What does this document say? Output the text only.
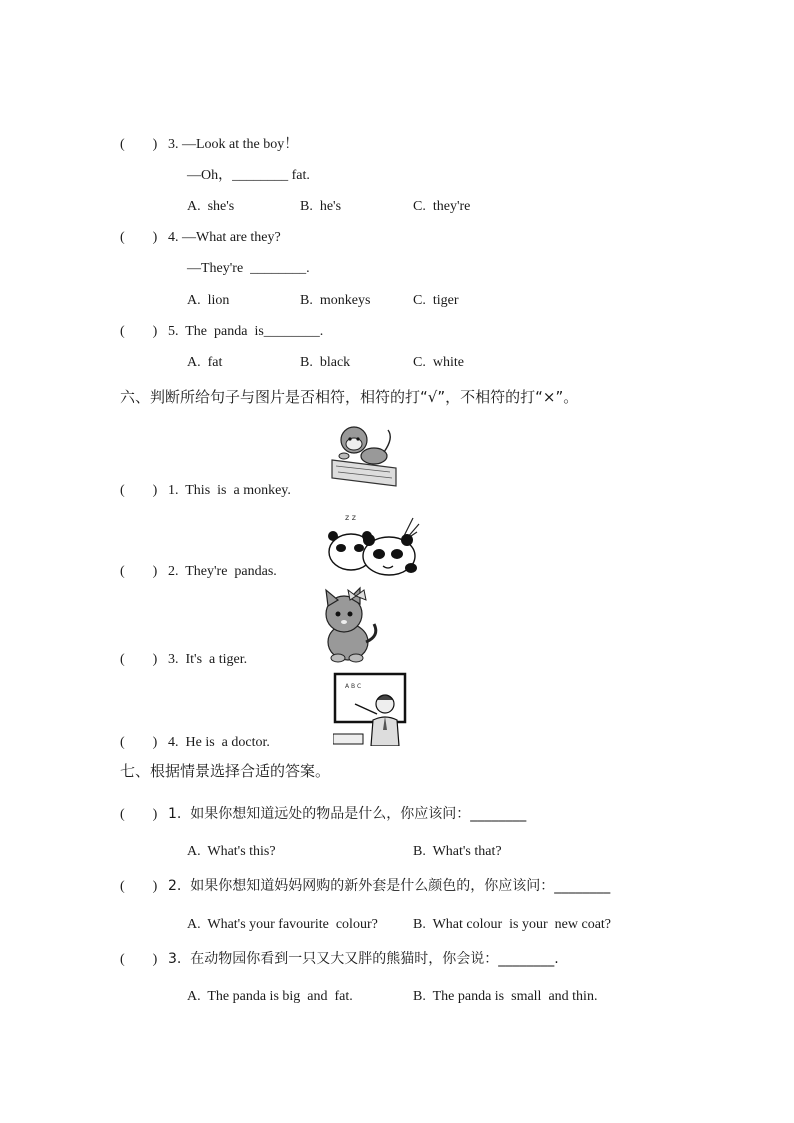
(        ) 3. —Look at the boy！
—Oh，________ fat.
A.  she's	B.  he's	C.  they're
(        ) 4. —What are they?
—They're  ________.
A.  lion	B.  monkeys	C.  tiger
(        ) 5.  The  panda  is________.
A.  fat	B.  black	C.  white
六、判断所给句子与图片是否相符，相符的打“√”，不相符的打“×”。
(        ) 1.  This  is  a monkey.
z z
(        ) 2.  They're  pandas.
(        ) 3.  It's  a tiger.
A B C
(        ) 4.  He is  a doctor.
七、根据情景选择合适的答案。
(        ) 1.  如果你想知道远处的物品是什么，你应该问：________
A.  What's this?	B.  What's that?
(        ) 2.  如果你想知道妈妈网购的新外套是什么颜色的，你应该问：________
A.  What's your favourite  colour?	B.  What colour  is your  new coat?
(        ) 3.  在动物园你看到一只又大又胖的熊猫时，你会说：________.
A.  The panda is big  and  fat.	B.  The panda is  small  and thin.
